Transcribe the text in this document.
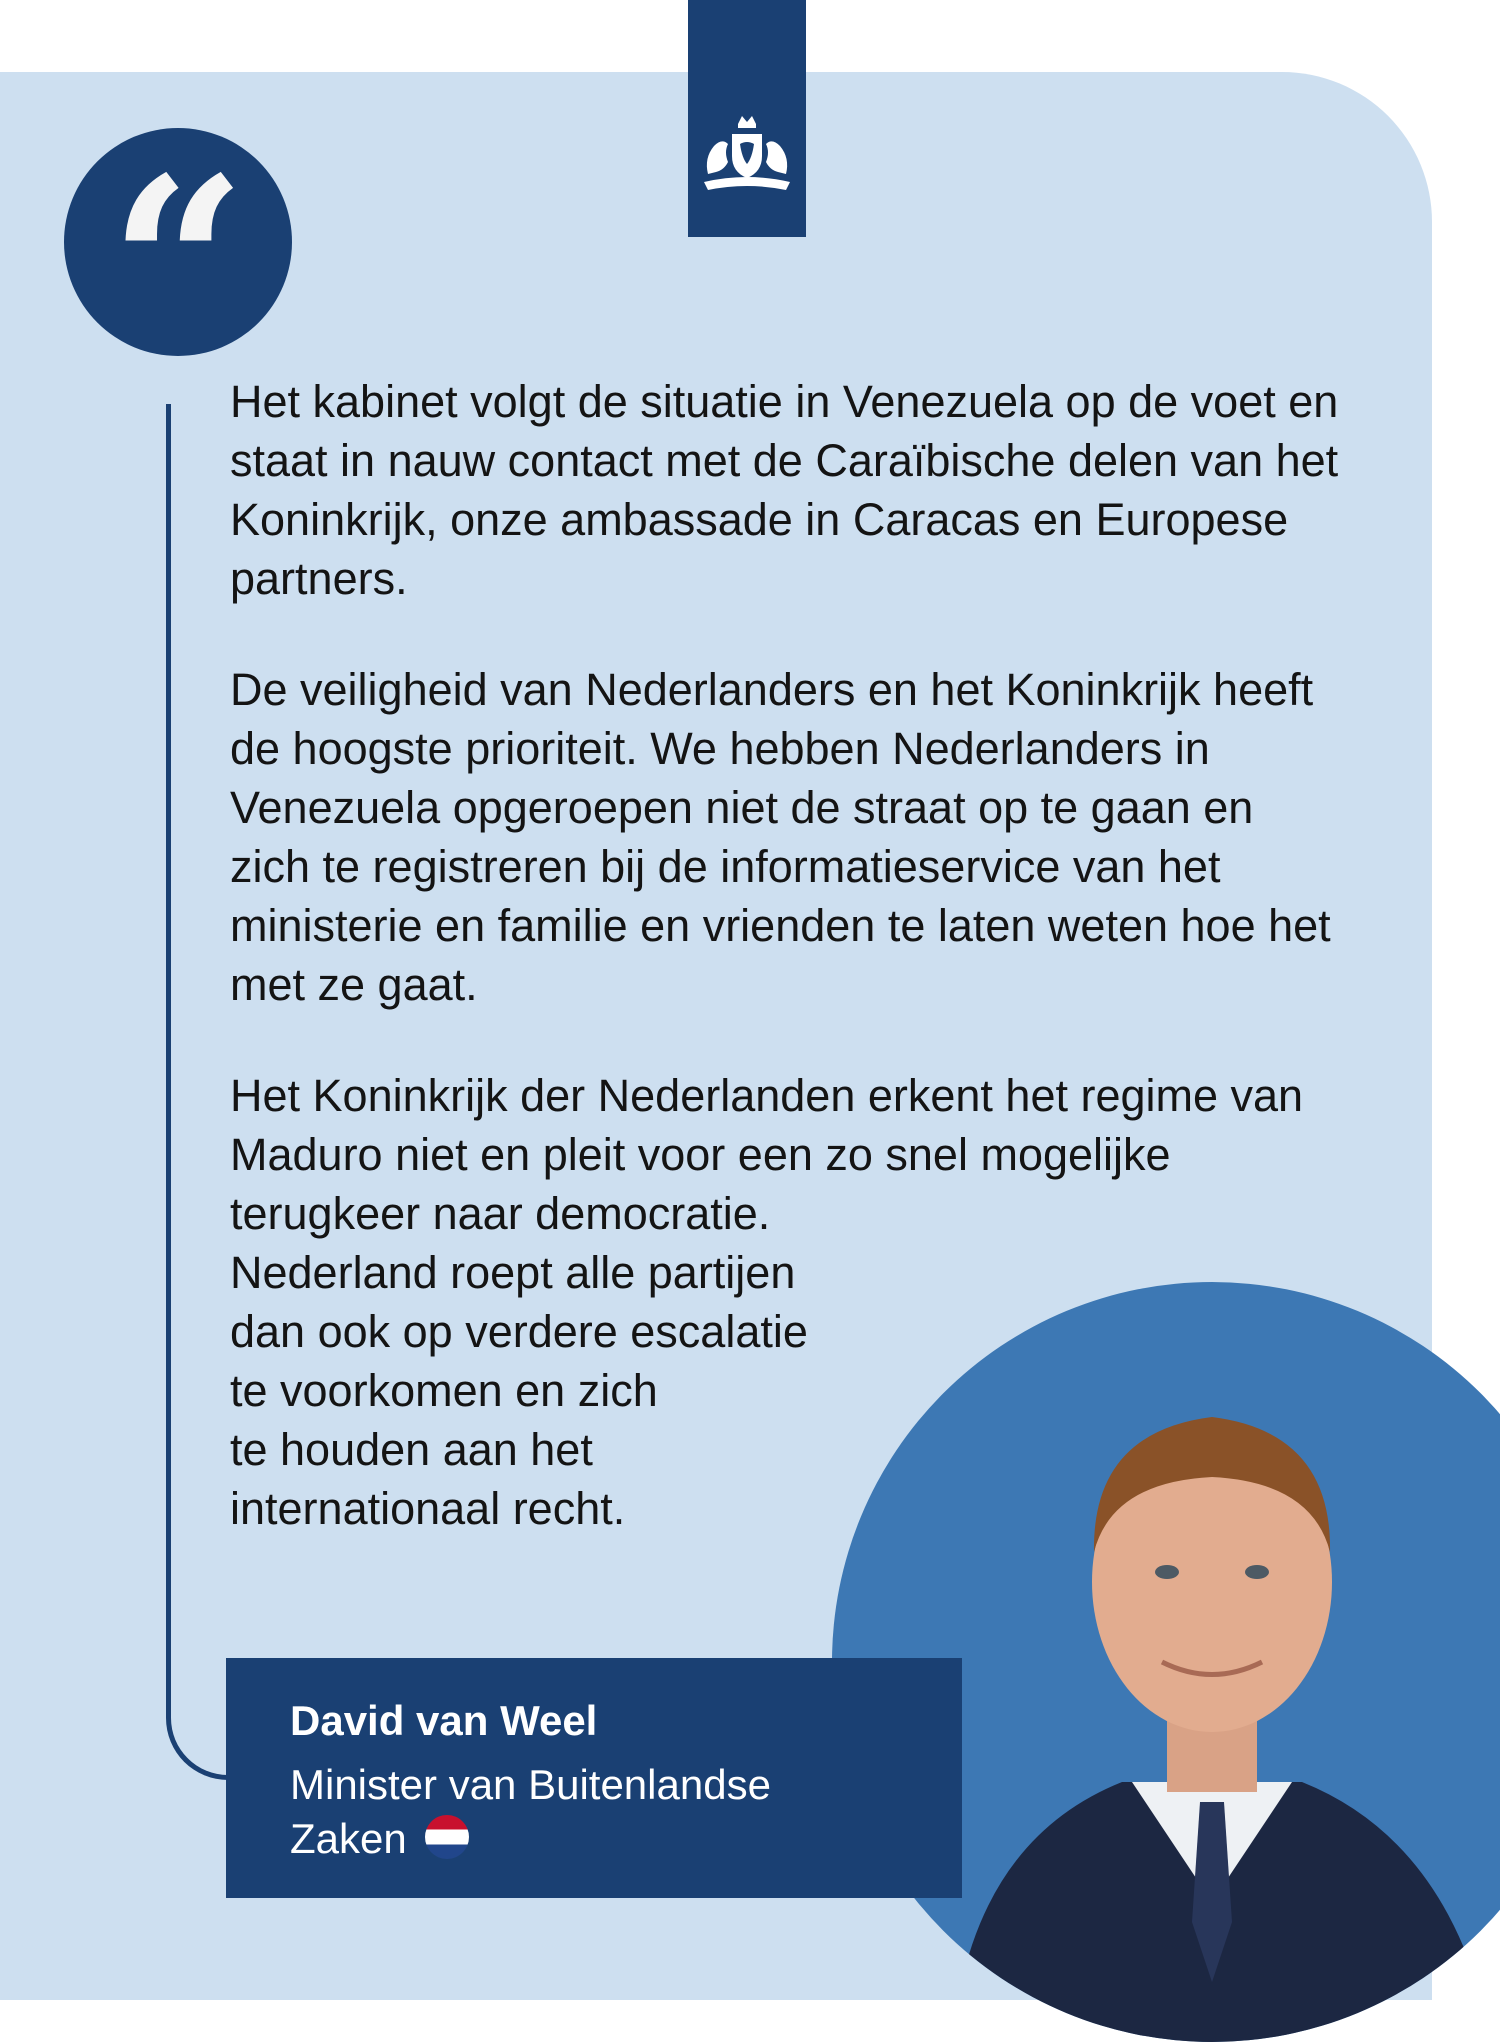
“

Het kabinet volgt de situatie in Venezuela op de voet en staat in nauw contact met de Caraïbische delen van het Koninkrijk, onze ambassade in Caracas en Europese partners.

De veiligheid van Nederlanders en het Koninkrijk heeft de hoogste prioriteit. We hebben Nederlanders in Venezuela opgeroepen niet de straat op te gaan en zich te registreren bij de informatieservice van het ministerie en familie en vrienden te laten weten hoe het met ze gaat.

Het Koninkrijk der Nederlanden erkent het regime van Maduro niet en pleit voor een zo snel mogelijke terugkeer naar democratie.
Nederland roept alle partijen
dan ook op verdere escalatie
te voorkomen en zich
te houden aan het
internationaal recht.
David van Weel
Minister van Buitenlandse Zaken
